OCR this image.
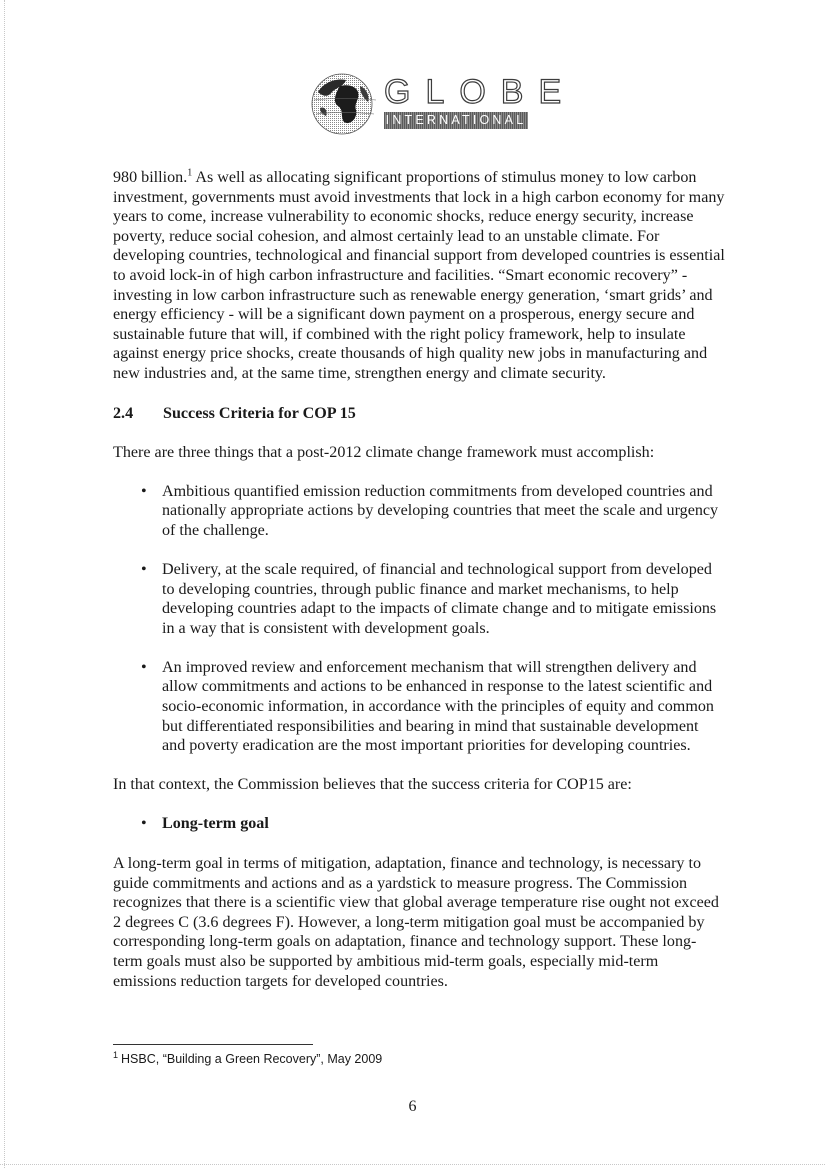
GLOBE
INTERNATIONAL

980 billion.$^1$ As well as allocating significant proportions of stimulus money to low carbon investment, governments must avoid investments that lock in a high carbon economy for many years to come, increase vulnerability to economic shocks, reduce energy security, increase poverty, reduce social cohesion, and almost certainly lead to an unstable climate. For developing countries, technological and financial support from developed countries is essential to avoid lock-in of high carbon infrastructure and facilities. “Smart economic recovery” - investing in low carbon infrastructure such as renewable energy generation, ‘smart grids’ and energy efficiency - will be a significant down payment on a prosperous, energy secure and sustainable future that will, if combined with the right policy framework, help to insulate against energy price shocks, create thousands of high quality new jobs in manufacturing and new industries and, at the same time, strengthen energy and climate security.

2.4 Success Criteria for COP 15

There are three things that a post-2012 climate change framework must accomplish:

• Ambitious quantified emission reduction commitments from developed countries and nationally appropriate actions by developing countries that meet the scale and urgency of the challenge.
• Delivery, at the scale required, of financial and technological support from developed to developing countries, through public finance and market mechanisms, to help developing countries adapt to the impacts of climate change and to mitigate emissions in a way that is consistent with development goals.
• An improved review and enforcement mechanism that will strengthen delivery and allow commitments and actions to be enhanced in response to the latest scientific and socio-economic information, in accordance with the principles of equity and common but differentiated responsibilities and bearing in mind that sustainable development and poverty eradication are the most important priorities for developing countries.

In that context, the Commission believes that the success criteria for COP15 are:

• Long-term goal

A long-term goal in terms of mitigation, adaptation, finance and technology, is necessary to guide commitments and actions and as a yardstick to measure progress. The Commission recognizes that there is a scientific view that global average temperature rise ought not exceed 2 degrees C (3.6 degrees F). However, a long-term mitigation goal must be accompanied by corresponding long-term goals on adaptation, finance and technology support. These long-term goals must also be supported by ambitious mid-term goals, especially mid-term emissions reduction targets for developed countries.

$^1$ HSBC, “Building a Green Recovery”, May 2009
6
